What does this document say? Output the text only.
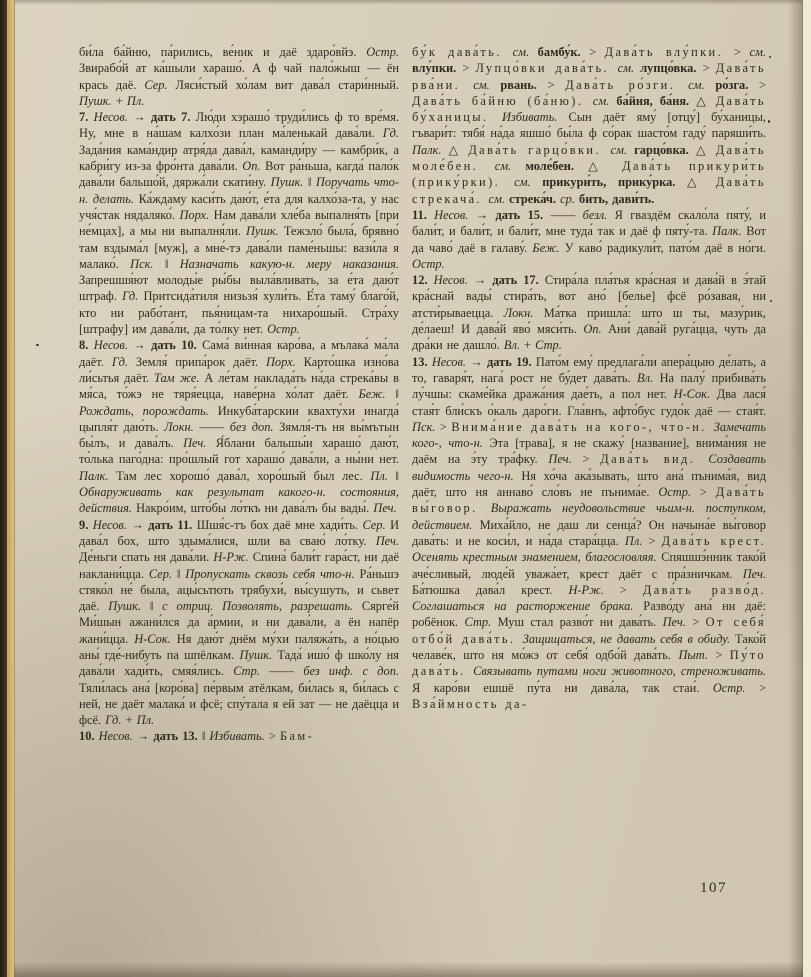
би́ла ба́йню, па́рились, ве́ник и даё здаро́вйэ. Остр. Звирабо́й ат ка́шыли харашо́. А ф чай пало́жыш — ён крась даё. Сер. Ляси́стый хо́лам вит дава́л стари́нный. Пушк. + Пл.

7. Несов. → дать 7. Лю́ди хэрашо́ труди́лись ф то вре́мя. Ну, мне в на́шам калхо́зи план ма́ленькай дава́ли. Гд. Зада́ния кама́ндир атря́да дава́л, каманди́ру — камбри́к, а кабри́гу из-за фро́нта дава́ли. Оп. Вот ра́ньша, кагда́ пало́к дава́ли бальшо́й, дяржа́ли скати́ну. Пушк. ‖ Поручать что-н. делать. Ка́ждаму каси́ть даю́т, е́та для калхо́за-та, у нас учя́стак нядаляко́. Порх. Нам дава́ли хле́ба выпалня́ть [при не́мцах], а мы ни выпалня́ли. Пушк. Тежэло́ была́, брявно́ там вздыма́л [муж], а мне́-тэ дава́ли паме́ньшы: вази́ла я малако́. Пск. ‖ Назначать какую-н. меру наказания. Запрешшя́ют молоды́е ры́бы выла́вливать, за е́та даю́т штраф. Гд. Притсида́тиля низьзя́ хули́ть. Е́та таму́ благо́й, кто ни рабо́тант, пья́ницам-та нихаро́шый. Стра́ху [штрафу] им дава́ли, да то́лку нет. Остр.

8. Несов. → дать 10. Сама́ ви́нная каро́ва, а мълака́ ма́ла даёт. Гд. Земля́ припа́рок даёт. Порх. Карто́шка изно́ва ли́сьтья даёт. Там же. А ле́там наклада́ть на́да стрека́вы в мя́са, то́жэ не тяря́ецца, наве́рна хо́лат даёт. Беж. ‖ Рождать, порождать. Инкуба́тарскии квахту́хи инагда́ цыпля́т даю́ть. Локн. —— без доп. Зямля́-тъ ня вы́мътын бы́лъ, и дава́лъ. Печ. Я́блани бальшы́и харашо́ даю́т, то́лька паго́дна: про́шлый гот харашо́ дава́ли, а ны́ни нет. Палк. Там лес хорошо́ дава́л, хоро́шый был лес. Пл. ‖ Обнаруживать как результат какого-н. состояния, действия. Накро́им, што́бы ло́ткъ ни дава́лъ бы вады́. Печ.

9. Несов. → дать 11. Шшя́с-тъ бох даё мне хади́ть. Сер. И дава́л бох, што здыма́лися, шли ва сваю́ ло́тку. Печ. Де́ньги спать ня дава́ли. Н-Рж. Спина́ бали́т гара́ст, ни даё наклани́цца. Сер. ‖ Пропускать сквозь себя что-н. Ра́ньшэ стяко́л не́ была, ацы́сьтють трябухи́, вы́сушуть, и сьвет даё. Пушк. ‖ с отриц. Позволять, разрешать. Сярге́й Ми́шын ажани́лся да а́рмии, и ни дава́ли, а ён напёр жани́цца. Н-Сок. Ня даю́т днём му́хи паляжа́ть, а но́цью аны́ где́-нибуть па шпёлкам. Пушк. Тада́ ишо́ ф шко́лу ня дава́ли хади́ть, смяя́лись. Стр. —— без инф. с доп. Тяли́лась ана́ [коро́ва] пе́рвым атёлкам, би́лась я, би́лась с ней, не даёт малака́ и фсё; спу́тала я ей зат — не даёцца и фсё. Гд. + Пл.

10. Несов. → дать 13. ‖ Избивать. > Бам-

бу́к дава́ть. см. бамбу́к. > Дава́ть влу́пки. > см. влу́пки. > Лупцо́вки дава́ть. см. лупцо́вка. > Дава́ть рва́ни. см. рвань. > Дава́ть ро́зги. см. ро́зга. > Дава́ть ба́йню (ба́ню). см. ба́йня, ба́ня. △ Дава́ть бу́ханицы. Избивать. Сын даёт яму́ [отцу́] бу́ханицы, гъвари́т: тябя́ на́да яшшо́ бы́ла ф со́рак шасто́м гаду́ паряши́ть. Палк. △ Дава́ть гарцо́вки. см. гарцо́вка. △ Дава́ть моле́бен. см. моле́бен. △ Дава́ть прикури́ть (прику́рки). см. прикури́ть, прику́рка. △ Дава́ть стрекача́. см. стрека́ч. ср. бить, дави́ть.

11. Несов. → дать 15. —— безл. Я гваздём скало́ла пяту́, и бали́т, и бали́т, и бали́т, мне туда́ так и даё ф пяту́-та. Палк. Вот да чаво́ даё в галаву́. Беж. У каво́ радикули́т, пато́м даё в но́ги. Остр.

12. Несов. → дать 17. Стира́ла пла́тья кра́сная и дава́й в э́тай кра́снай вады́ стира́ть, вот ано́ [белье] фсё ро́завая, ни атсти́рываецца. Локн. Ма́тка пришла́: што ш ты, мазу́рик, де́лаеш! И дава́й яво́ мяси́ть. Оп. Ани́ дава́й руга́цца, чуть да дра́ки не дашло́. Вл. + Стр.

13. Несов. → дать 19. Пато́м ему́ предлага́ли апера́цыю де́лать, а то, гаваря́т, нага́ рост не бу́дет дава́ть. Вл. На палу́ прибива́ть лу́чшы: скаме́йка дража́ния дае́ть, а пол нет. Н-Сок. Два лася́ стая́т бли́скъ о́каль даро́ги. Гла́внъ, афто́бус гудо́к даё — стая́т. Пск. > Внима́ние дава́ть на кого-, что-н. Замечать кого-, что-н. Эта [трава], я не скажу́ [название], внима́ния не даём на э́ту тра́фку. Печ. > Дава́ть вид. Создавать видимость чего-н. Ня хо́ча ака́зывать, што ана́ пънима́я, вид даёт, што ня аннаво́ сло́въ не пънима́е. Остр. > Дава́ть вы́говор. Выражать неудовольствие чьим-н. поступком, действием. Миха́йло, не даш ли сенца́? Он начына́е вы́говор дава́ть: и не коси́л, и на́да стара́цца. Пл. > Дава́ть крест. Осенять крестным знамением, благословляя. Спяшшэ́нник тако́й аче́сливый, люде́й уважа́ет, крест даёт с пра́зничкам. Печ. Ба́тюшка дава́л крест. Н-Рж. > Дава́ть разво́д. Соглашаться на расторжение брака. Разво́ду ана́ ни даё: робёнок. Стр. Муш стал разво́т ни дава́ть. Печ. > От себя́ отбо́й дава́ть. Защищаться, не давать себя в обиду. Тако́й челаве́к, што ня мо́жэ от себя́ одбо́й дава́ть. Пыт. > Пу́то дава́ть. Связывать путами ноги животного, стреноживать. Я каро́ви ешшё пу́та ни дава́ла, так стаи́. Остр. > Вза́ймность да-

107
